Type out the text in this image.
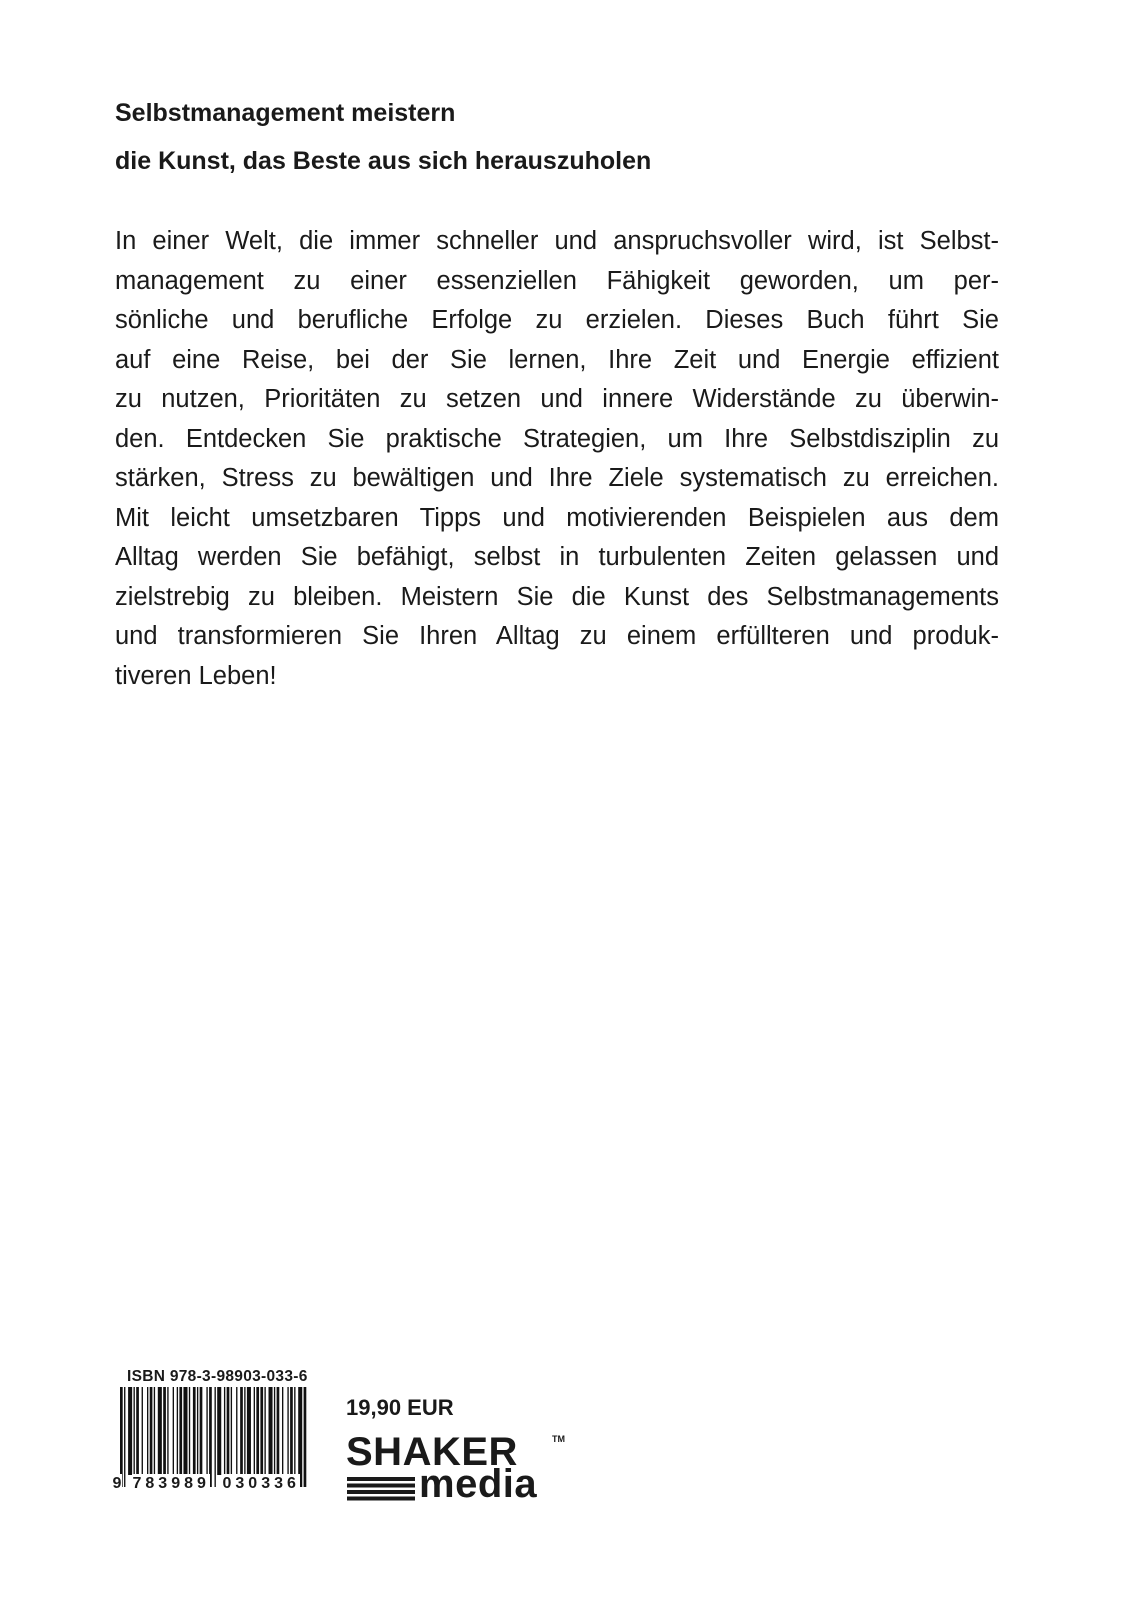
Selbstmanagement meistern
die Kunst, das Beste aus sich herauszuholen
In einer Welt, die immer schneller und anspruchsvoller wird, ist Selbst-
management zu einer essenziellen Fähigkeit geworden, um per-
sönliche und berufliche Erfolge zu erzielen. Dieses Buch führt Sie
auf eine Reise, bei der Sie lernen, Ihre Zeit und Energie effizient
zu nutzen, Prioritäten zu setzen und innere Widerstände zu überwin-
den. Entdecken Sie praktische Strategien, um Ihre Selbstdisziplin zu
stärken, Stress zu bewältigen und Ihre Ziele systematisch zu erreichen.
Mit leicht umsetzbaren Tipps und motivierenden Beispielen aus dem
Alltag werden Sie befähigt, selbst in turbulenten Zeiten gelassen und
zielstrebig zu bleiben. Meistern Sie die Kunst des Selbstmanagements
und transformieren Sie Ihren Alltag zu einem erfüllteren und produk-
tiveren Leben!
ISBN 978-3-98903-033-6
9 783989 030336
19,90 EUR
SHAKER	TM
media
